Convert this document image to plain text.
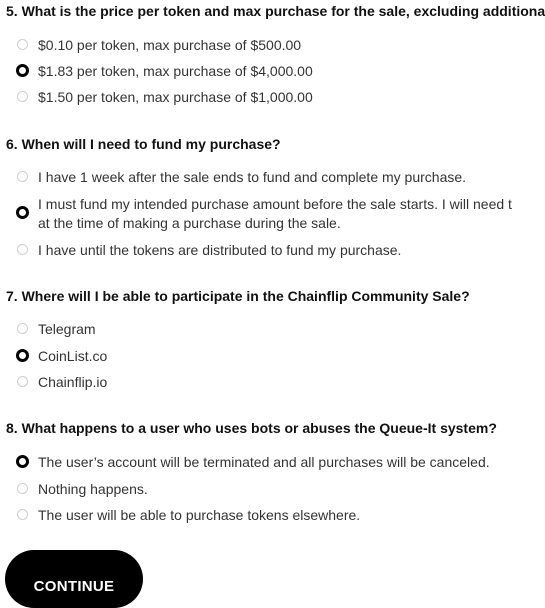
5. What is the price per token and max purchase for the sale, excluding additiona
$0.10 per token, max purchase of $500.00
$1.83 per token, max purchase of $4,000.00
$1.50 per token, max purchase of $1,000.00
6. When will I need to fund my purchase?
I have 1 week after the sale ends to fund and complete my purchase.
I must fund my intended purchase amount before the sale starts. I will need t
at the time of making a purchase during the sale.
I have until the tokens are distributed to fund my purchase.
7. Where will I be able to participate in the Chainflip Community Sale?
Telegram
CoinList.co
Chainflip.io
8. What happens to a user who uses bots or abuses the Queue-It system?
The user’s account will be terminated and all purchases will be canceled.
Nothing happens.
The user will be able to purchase tokens elsewhere.
CONTINUE
